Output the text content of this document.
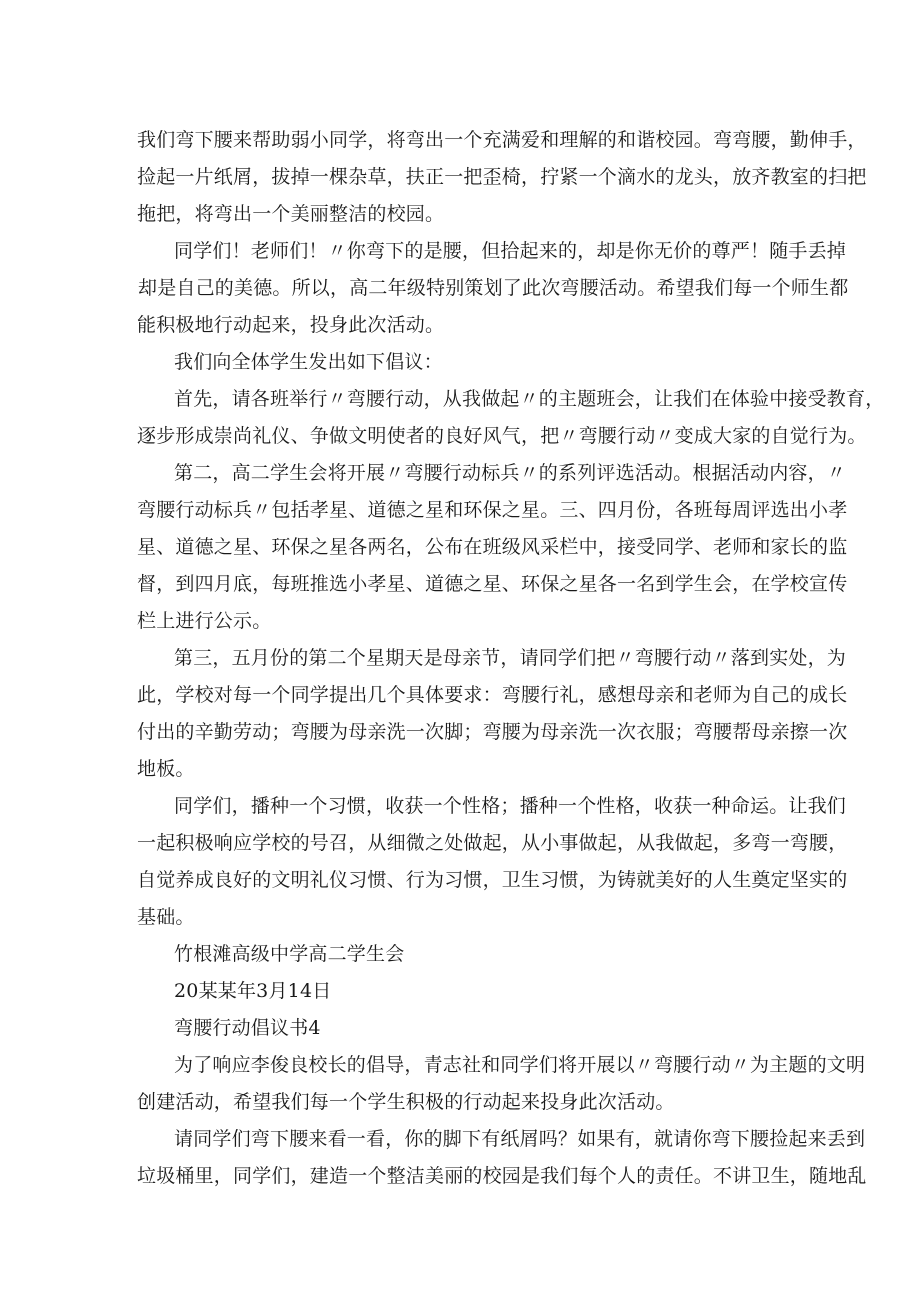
我们弯下腰来帮助弱小同学，将弯出一个充满爱和理解的和谐校园。弯弯腰，勤伸手，
捡起一片纸屑，拔掉一棵杂草，扶正一把歪椅，拧紧一个滴水的龙头，放齐教室的扫把
拖把，将弯出一个美丽整洁的校园。
同学们！老师们！〃你弯下的是腰，但拾起来的，却是你无价的尊严！随手丢掉
却是自己的美德。所以，高二年级特别策划了此次弯腰活动。希望我们每一个师生都
能积极地行动起来，投身此次活动。
我们向全体学生发出如下倡议：
首先，请各班举行〃弯腰行动，从我做起〃的主题班会，让我们在体验中接受教育，
逐步形成崇尚礼仪、争做文明使者的良好风气，把〃弯腰行动〃变成大家的自觉行为。
第二，高二学生会将开展〃弯腰行动标兵〃的系列评选活动。根据活动内容，〃
弯腰行动标兵〃包括孝星、道德之星和环保之星。三、四月份，各班每周评选出小孝
星、道德之星、环保之星各两名，公布在班级风采栏中，接受同学、老师和家长的监
督，到四月底，每班推选小孝星、道德之星、环保之星各一名到学生会，在学校宣传
栏上进行公示。
第三，五月份的第二个星期天是母亲节，请同学们把〃弯腰行动〃落到实处，为
此，学校对每一个同学提出几个具体要求：弯腰行礼，感想母亲和老师为自己的成长
付出的辛勤劳动；弯腰为母亲洗一次脚；弯腰为母亲洗一次衣服；弯腰帮母亲擦一次
地板。
同学们，播种一个习惯，收获一个性格；播种一个性格，收获一种命运。让我们
一起积极响应学校的号召，从细微之处做起，从小事做起，从我做起，多弯一弯腰，
自觉养成良好的文明礼仪习惯、行为习惯，卫生习惯，为铸就美好的人生奠定坚实的
基础。
竹根滩高级中学高二学生会
20某某年3月14日
弯腰行动倡议书4
为了响应李俊良校长的倡导，青志社和同学们将开展以〃弯腰行动〃为主题的文明
创建活动，希望我们每一个学生积极的行动起来投身此次活动。
请同学们弯下腰来看一看，你的脚下有纸屑吗？如果有，就请你弯下腰捡起来丢到
垃圾桶里，同学们，建造一个整洁美丽的校园是我们每个人的责任。不讲卫生，随地乱
